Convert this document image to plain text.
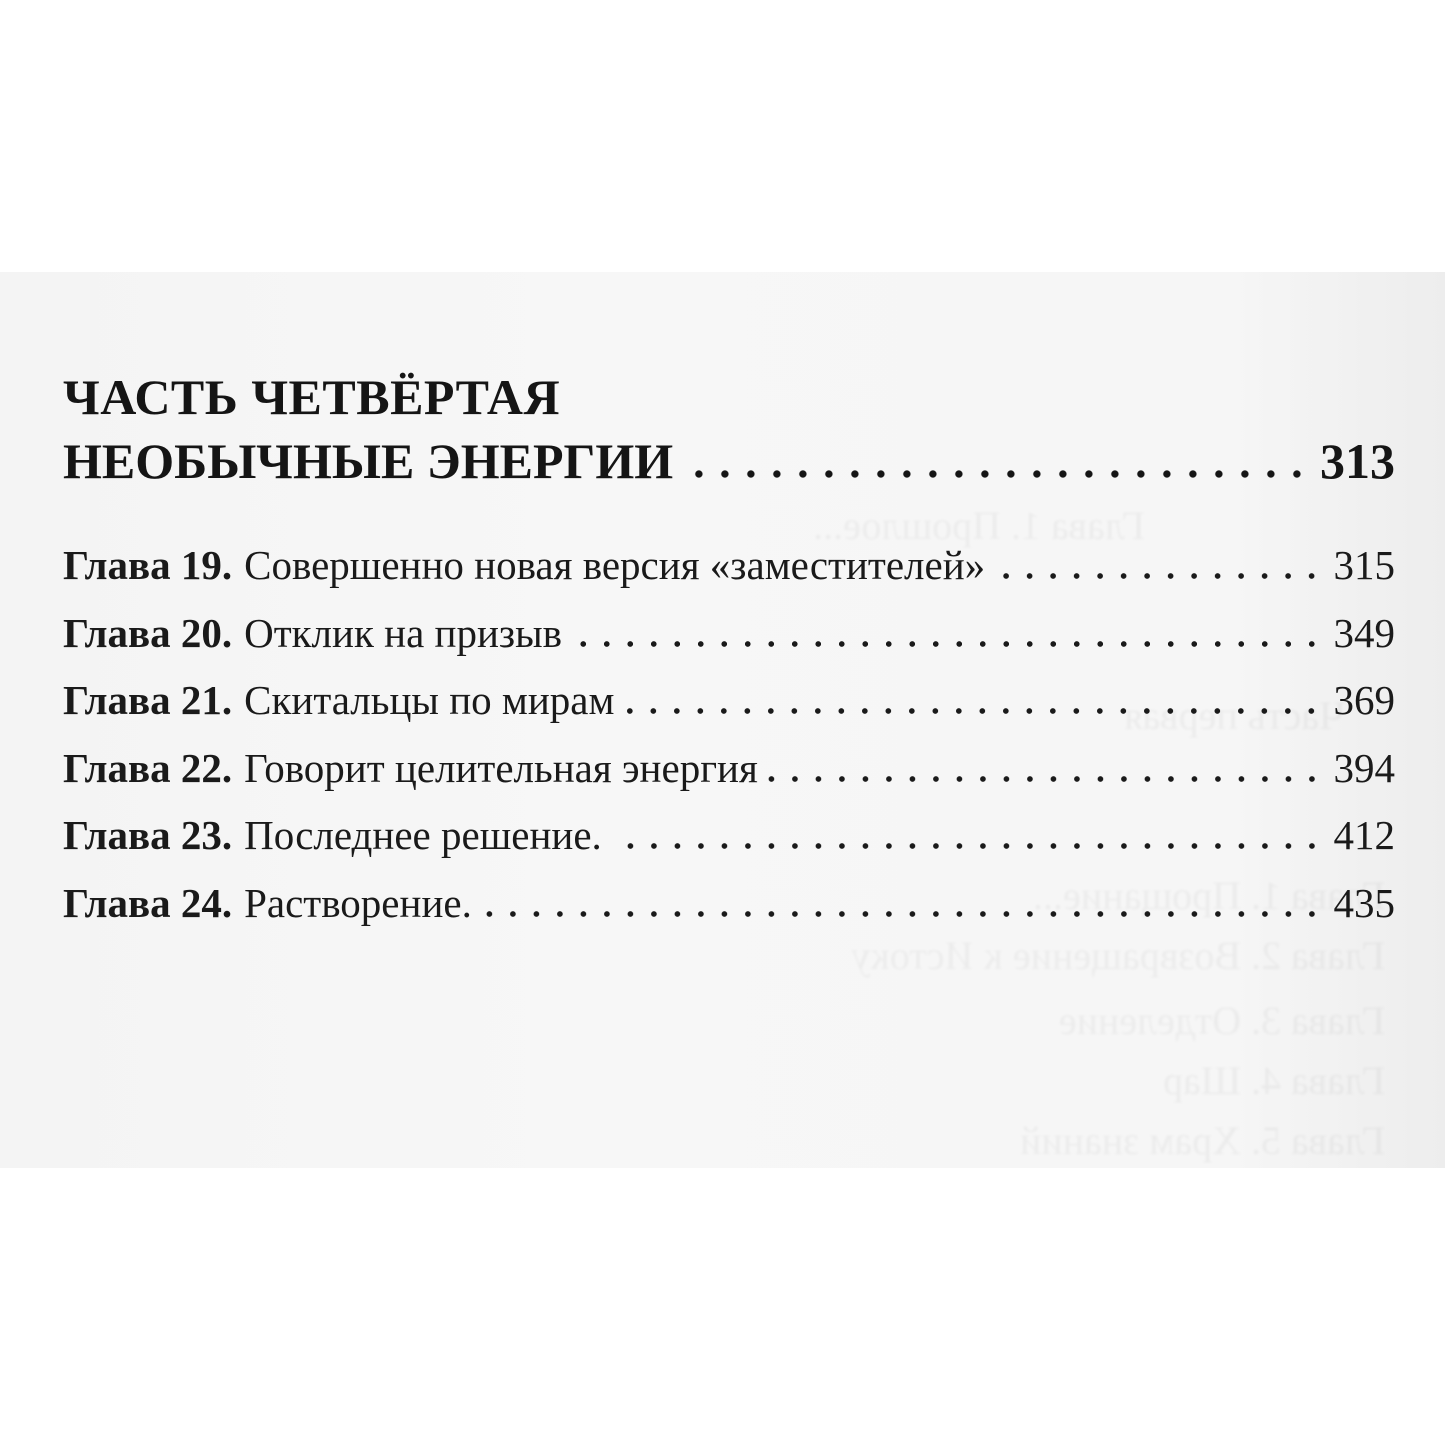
ЧАСТЬ ЧЕТВЁРТАЯ
НЕОБЫЧНЫЕ ЭНЕРГИИ	313
Глава 19. Совершенно новая версия «заместителей»	315
Глава 20. Отклик на призыв	349
Глава 21. Скитальцы по мирам	369
Глава 22. Говорит целительная энергия	394
Глава 23. Последнее решение.	412
Глава 24. Растворение.	435
